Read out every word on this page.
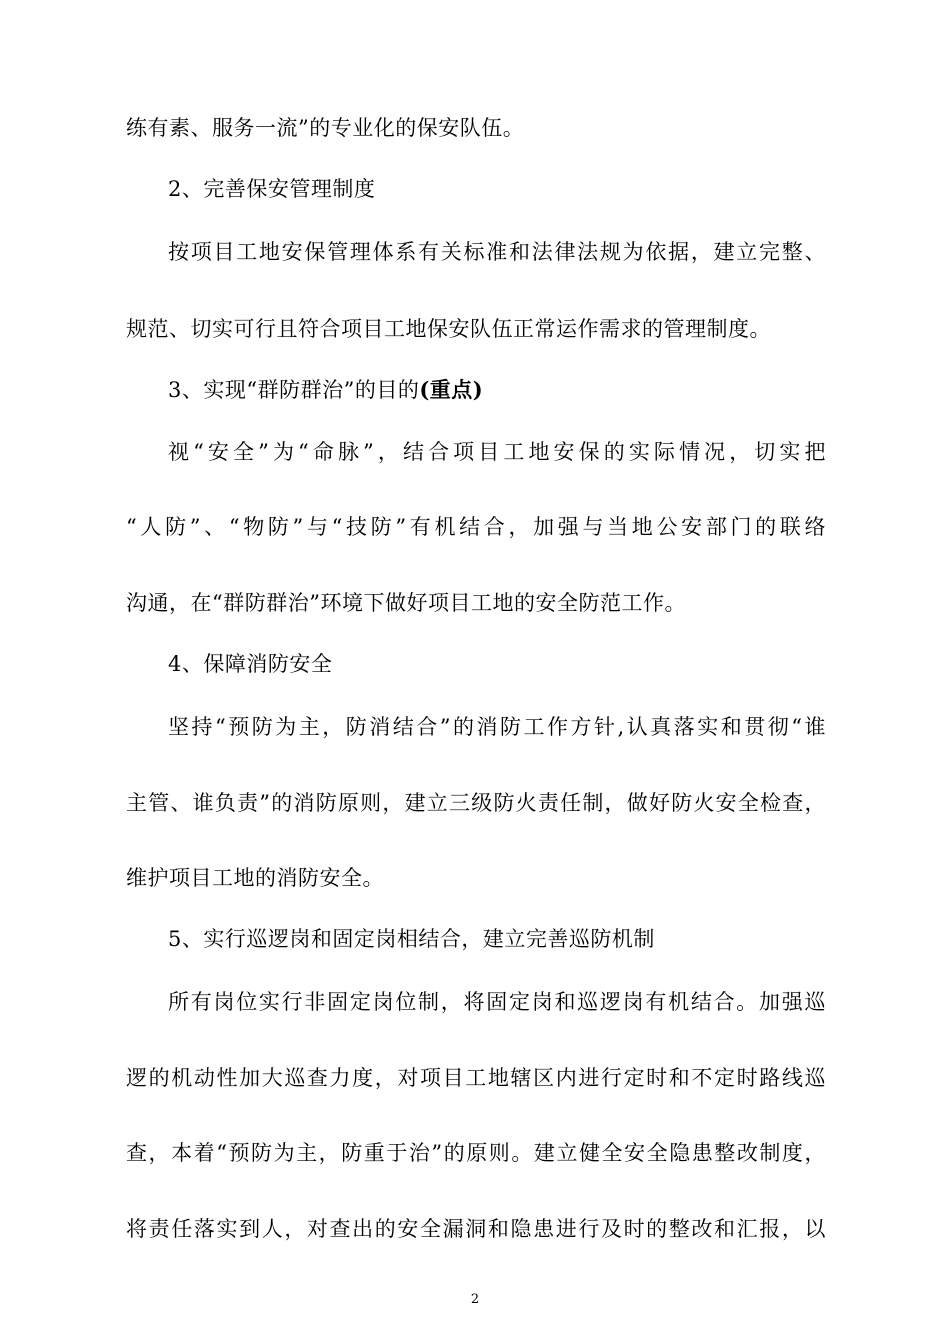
练有素、服务一流”的专业化的保安队伍。
2、完善保安管理制度
按项目工地安保管理体系有关标准和法律法规为依据，建立完整、
规范、切实可行且符合项目工地保安队伍正常运作需求的管理制度。
3、实现“群防群治”的目的(重点)
视“安全”为“命脉”，结合项目工地安保的实际情况，切实把
“人防”、“物防”与“技防”有机结合，加强与当地公安部门的联络
沟通，在“群防群治”环境下做好项目工地的安全防范工作。
4、保障消防安全
坚持“预防为主，防消结合”的消防工作方针,认真落实和贯彻“谁
主管、谁负责”的消防原则，建立三级防火责任制，做好防火安全检查，
维护项目工地的消防安全。
5、实行巡逻岗和固定岗相结合，建立完善巡防机制
所有岗位实行非固定岗位制，将固定岗和巡逻岗有机结合。加强巡
逻的机动性加大巡查力度，对项目工地辖区内进行定时和不定时路线巡
查，本着“预防为主，防重于治”的原则。建立健全安全隐患整改制度，
将责任落实到人，对查出的安全漏洞和隐患进行及时的整改和汇报，以
2
